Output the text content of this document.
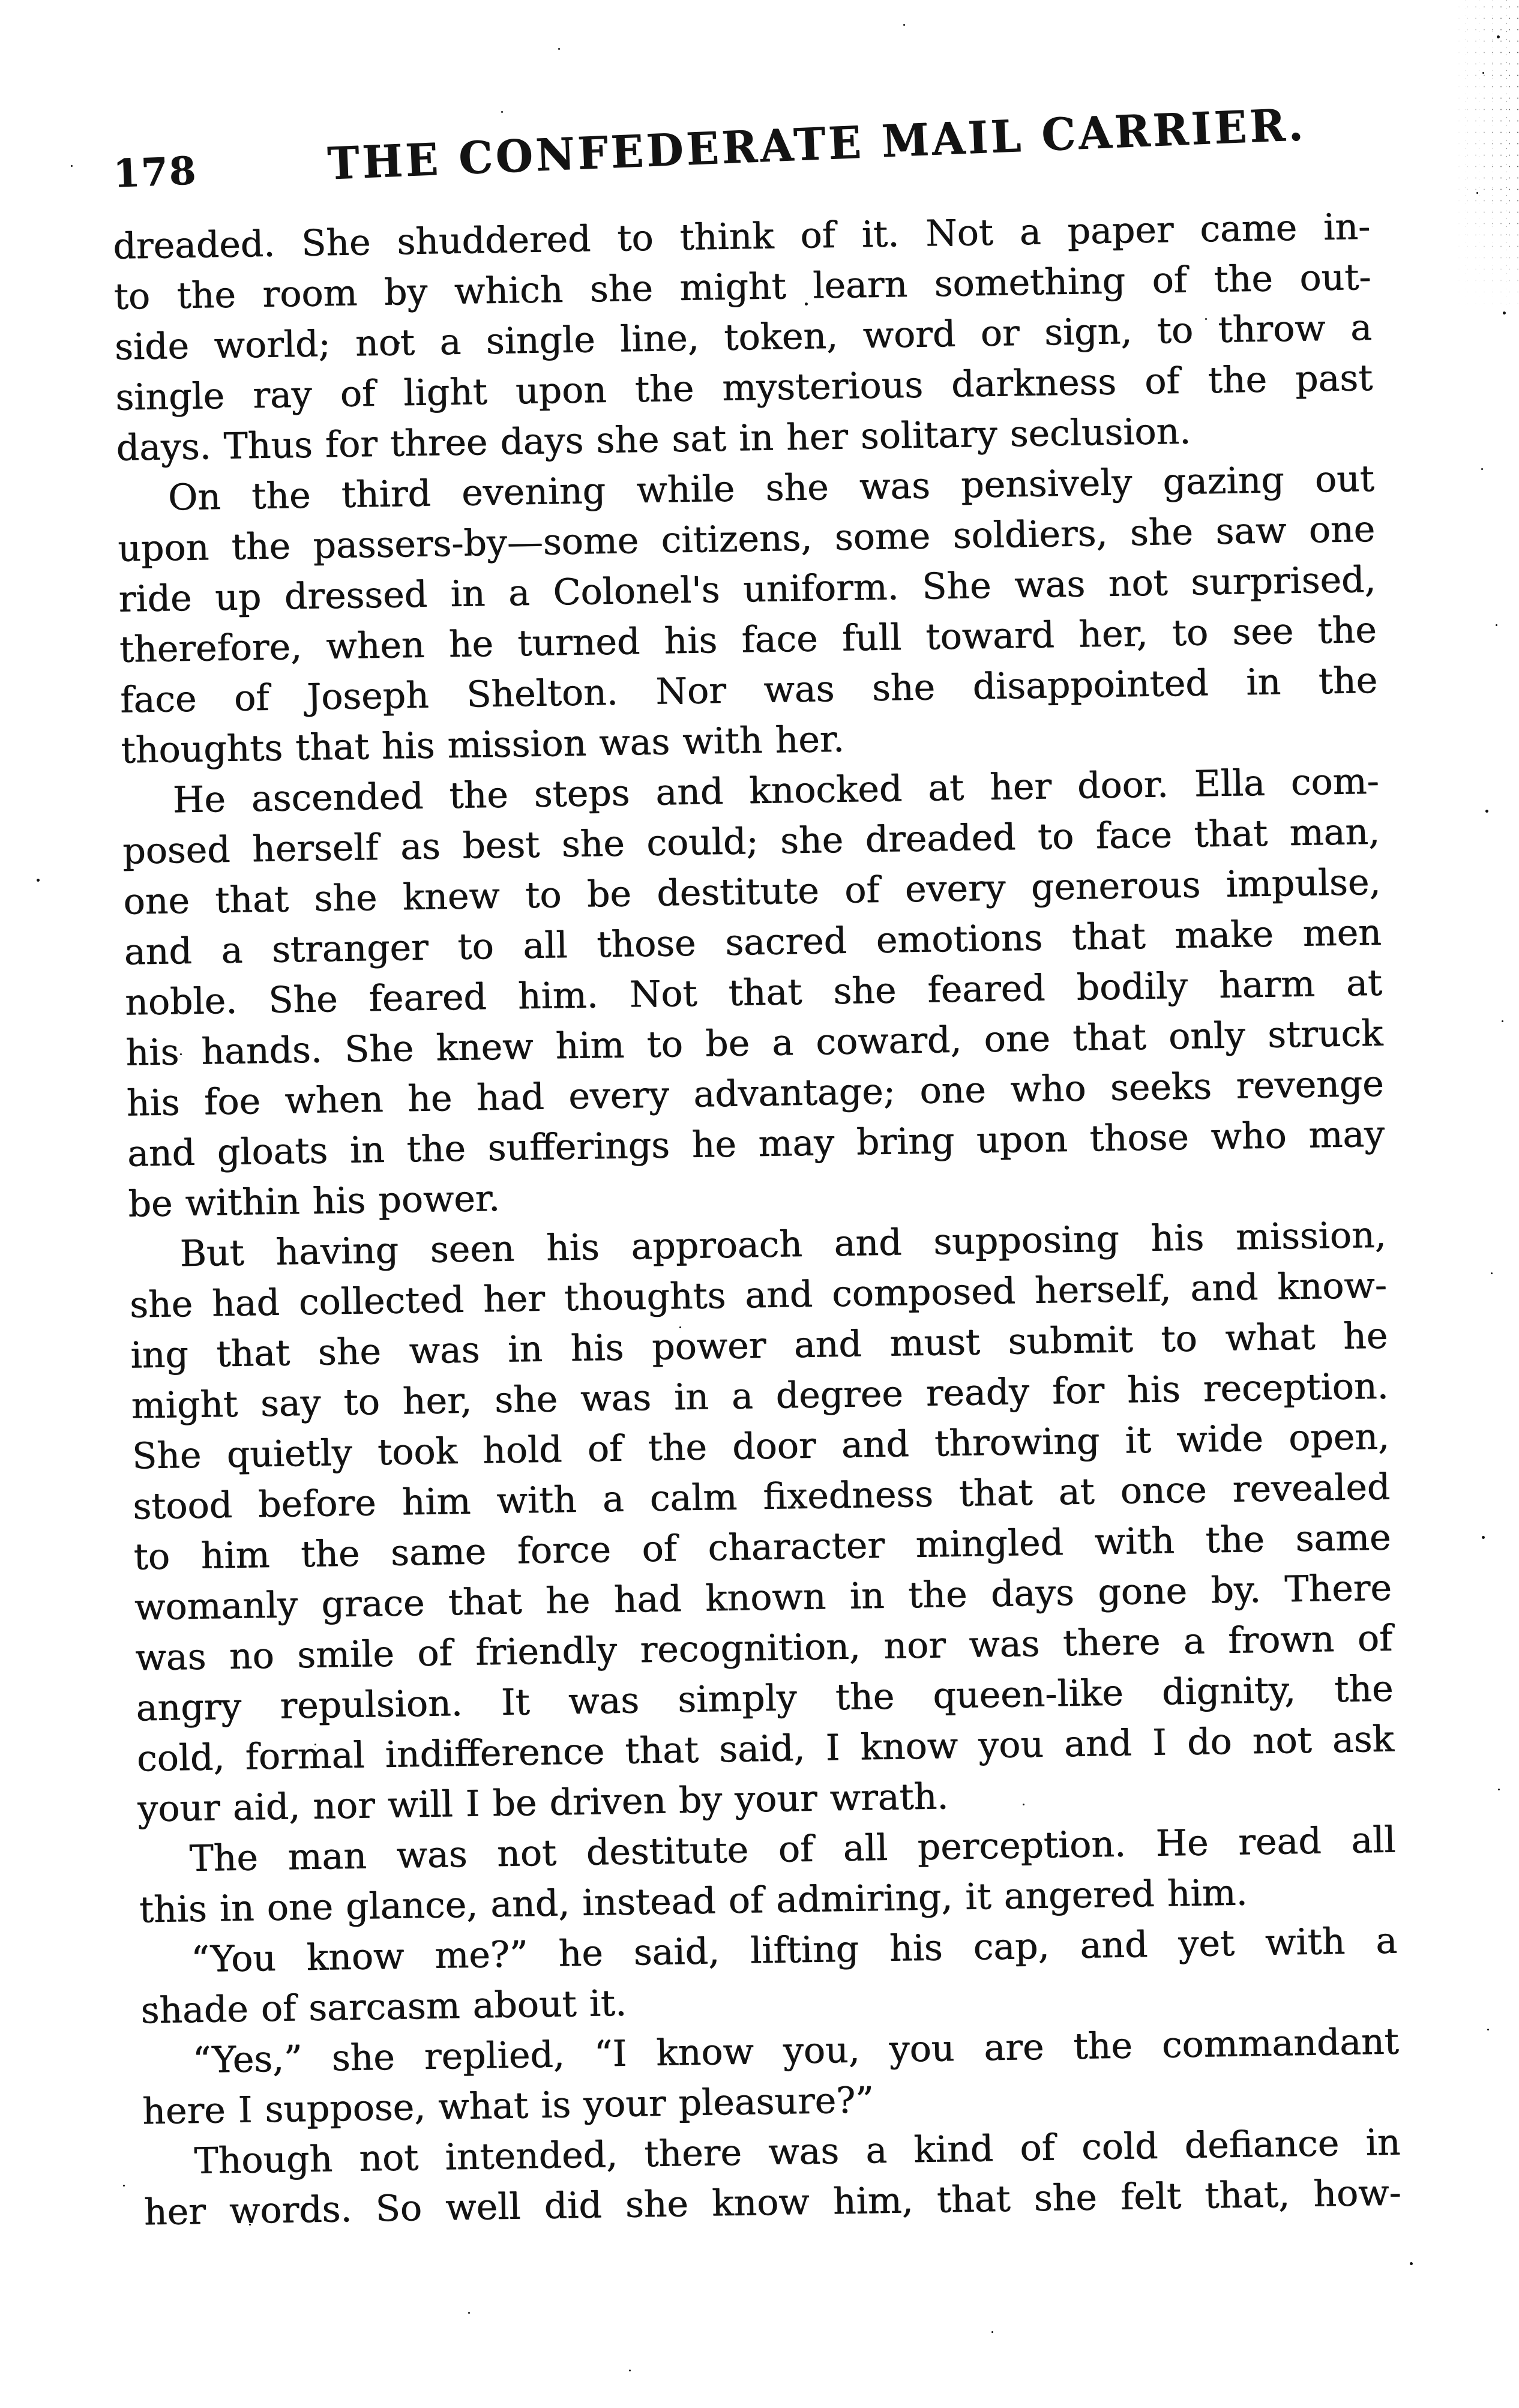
178	THE CONFEDERATE MAIL CARRIER.
dreaded. She shuddered to think of it. Not a paper came in-
to the room by which she might learn something of the out-
side world; not a single line, token, word or sign, to throw a
single ray of light upon the mysterious darkness of the past
days. Thus for three days she sat in her solitary seclusion.
On the third evening while she was pensively gazing out
upon the passers-by—some citizens, some soldiers, she saw one
ride up dressed in a Colonel's uniform. She was not surprised,
therefore, when he turned his face full toward her, to see the
face of Joseph Shelton. Nor was she disappointed in the
thoughts that his mission was with her.
He ascended the steps and knocked at her door. Ella com-
posed herself as best she could; she dreaded to face that man,
one that she knew to be destitute of every generous impulse,
and a stranger to all those sacred emotions that make men
noble. She feared him. Not that she feared bodily harm at
his hands. She knew him to be a coward, one that only struck
his foe when he had every advantage; one who seeks revenge
and gloats in the sufferings he may bring upon those who may
be within his power.
But having seen his approach and supposing his mission,
she had collected her thoughts and composed herself, and know-
ing that she was in his power and must submit to what he
might say to her, she was in a degree ready for his reception.
She quietly took hold of the door and throwing it wide open,
stood before him with a calm fixedness that at once revealed
to him the same force of character mingled with the same
womanly grace that he had known in the days gone by. There
was no smile of friendly recognition, nor was there a frown of
angry repulsion. It was simply the queen-like dignity, the
cold, formal indifference that said, I know you and I do not ask
your aid, nor will I be driven by your wrath.
The man was not destitute of all perception. He read all
this in one glance, and, instead of admiring, it angered him.
“You know me?” he said, lifting his cap, and yet with a
shade of sarcasm about it.
“Yes,” she replied, “I know you, you are the commandant
here I suppose, what is your pleasure?”
Though not intended, there was a kind of cold defiance in
her words. So well did she know him, that she felt that, how-
